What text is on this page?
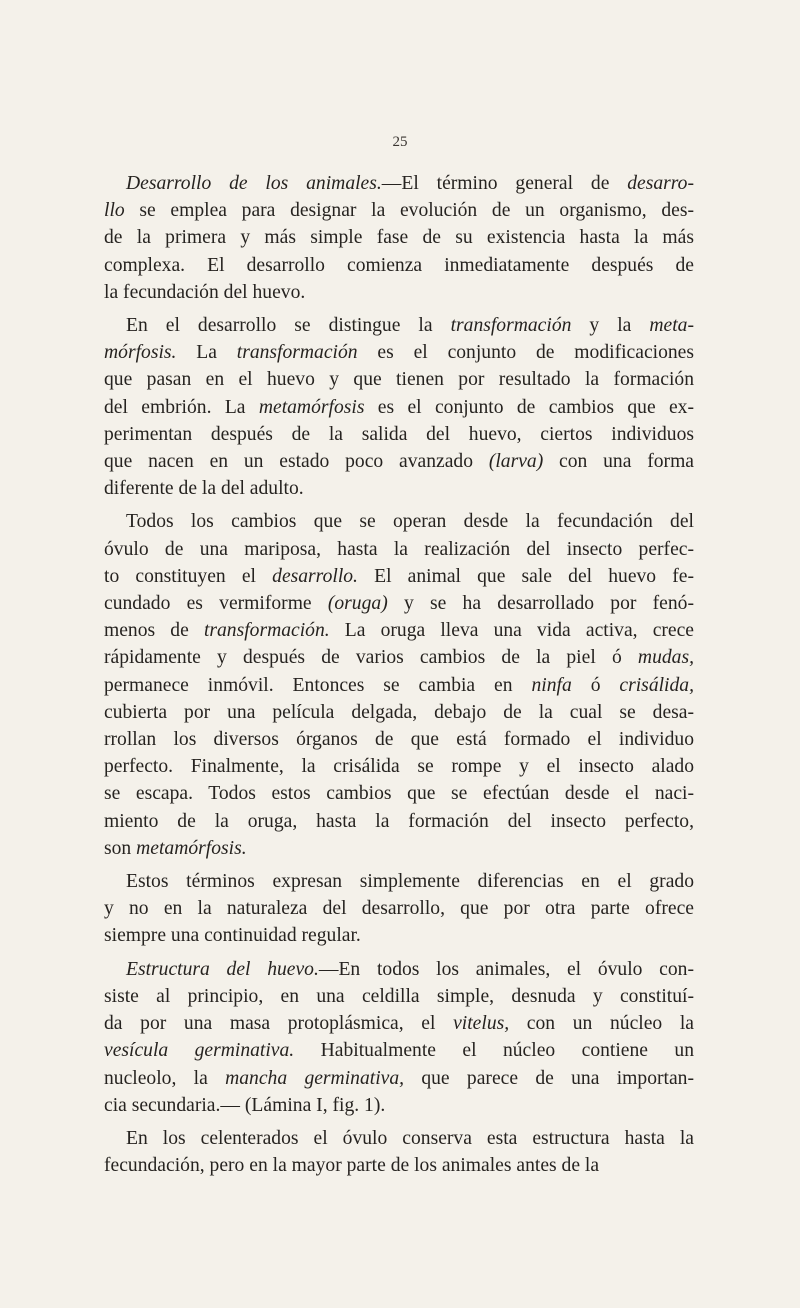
25

Desarrollo de los animales.—El término general de desarro-
llo se emplea para designar la evolución de un organismo, des-
de la primera y más simple fase de su existencia hasta la más
complexa. El desarrollo comienza inmediatamente después de
la fecundación del huevo.

En el desarrollo se distingue la transformación y la meta-
mórfosis. La transformación es el conjunto de modificaciones
que pasan en el huevo y que tienen por resultado la formación
del embrión. La metamórfosis es el conjunto de cambios que ex-
perimentan después de la salida del huevo, ciertos individuos
que nacen en un estado poco avanzado (larva) con una forma
diferente de la del adulto.

Todos los cambios que se operan desde la fecundación del
óvulo de una mariposa, hasta la realización del insecto perfec-
to constituyen el desarrollo. El animal que sale del huevo fe-
cundado es vermiforme (oruga) y se ha desarrollado por fenó-
menos de transformación. La oruga lleva una vida activa, crece
rápidamente y después de varios cambios de la piel ó mudas,
permanece inmóvil. Entonces se cambia en ninfa ó crisálida,
cubierta por una película delgada, debajo de la cual se desa-
rrollan los diversos órganos de que está formado el individuo
perfecto. Finalmente, la crisálida se rompe y el insecto alado
se escapa. Todos estos cambios que se efectúan desde el naci-
miento de la oruga, hasta la formación del insecto perfecto,
son metamórfosis.

Estos términos expresan simplemente diferencias en el grado
y no en la naturaleza del desarrollo, que por otra parte ofrece
siempre una continuidad regular.

Estructura del huevo.—En todos los animales, el óvulo con-
siste al principio, en una celdilla simple, desnuda y constituí-
da por una masa protoplásmica, el vitelus, con un núcleo la
vesícula germinativa. Habitualmente el núcleo contiene un
nucleolo, la mancha germinativa, que parece de una importan-
cia secundaria.— (Lámina I, fig. 1).

En los celenterados el óvulo conserva esta estructura hasta la
fecundación, pero en la mayor parte de los animales antes de la
